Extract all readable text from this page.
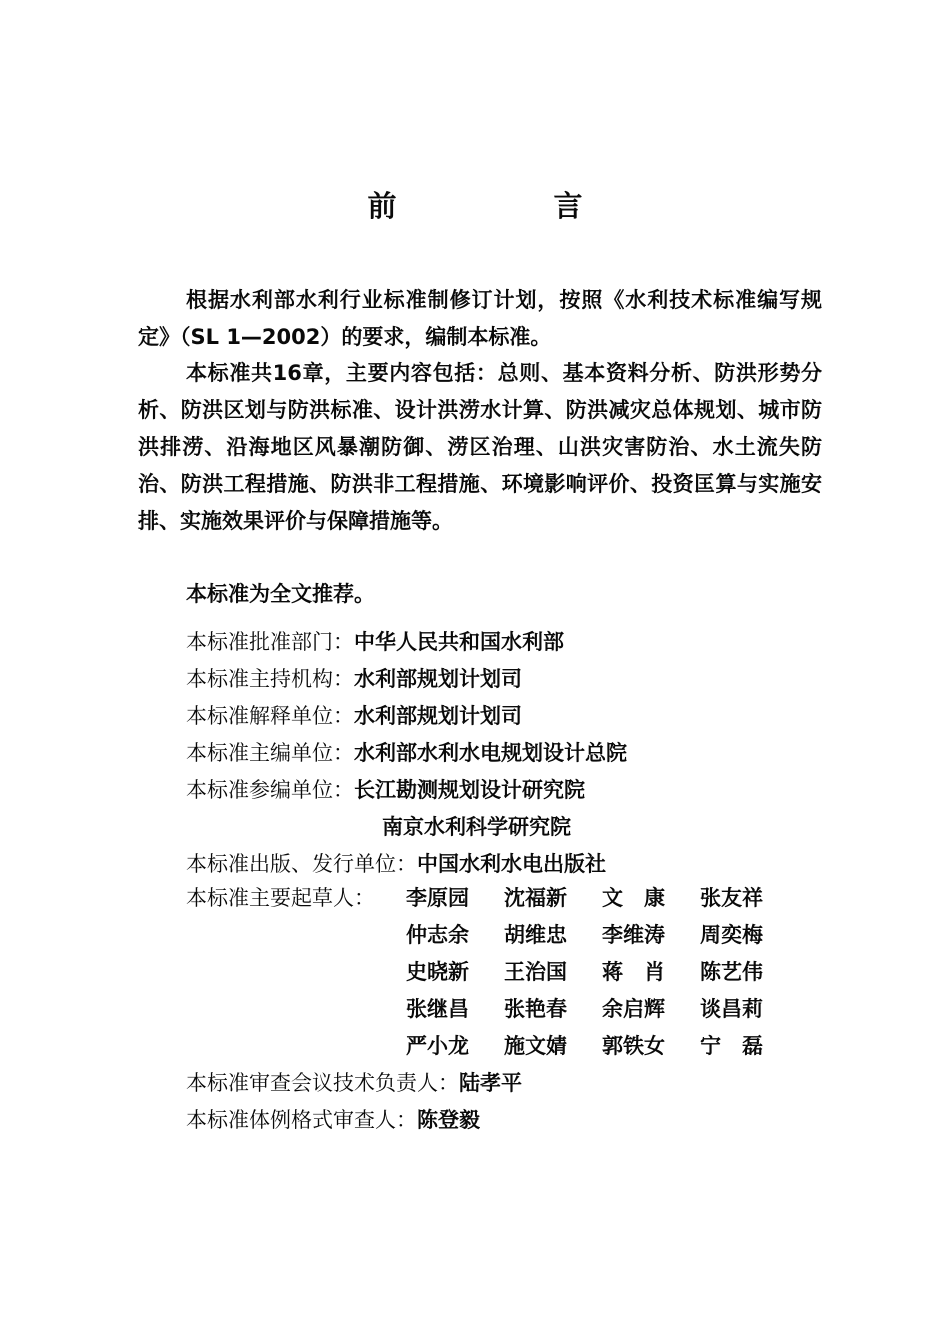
前　言

根据水利部水利行业标准制修订计划，按照《水利技术标准编写规定》（SL 1—2002）的要求，编制本标准。

本标准共16章，主要内容包括：总则、基本资料分析、防洪形势分析、防洪区划与防洪标准、设计洪涝水计算、防洪减灾总体规划、城市防洪排涝、沿海地区风暴潮防御、涝区治理、山洪灾害防治、水土流失防治、防洪工程措施、防洪非工程措施、环境影响评价、投资匡算与实施安排、实施效果评价与保障措施等。

本标准为全文推荐。

本标准批准部门：中华人民共和国水利部
本标准主持机构：水利部规划计划司
本标准解释单位：水利部规划计划司
本标准主编单位：水利部水利水电规划设计总院
本标准参编单位：长江勘测规划设计研究院
南京水利科学研究院
本标准出版、发行单位：中国水利水电出版社
本标准主要起草人： 李原园 沈福新 文　康 张友祥
仲志余 胡维忠 李维涛 周奕梅
史晓新 王治国 蒋　肖 陈艺伟
张继昌 张艳春 余启辉 谈昌莉
严小龙 施文婧 郭铁女 宁　磊
本标准审查会议技术负责人：陆孝平
本标准体例格式审查人：陈登毅
